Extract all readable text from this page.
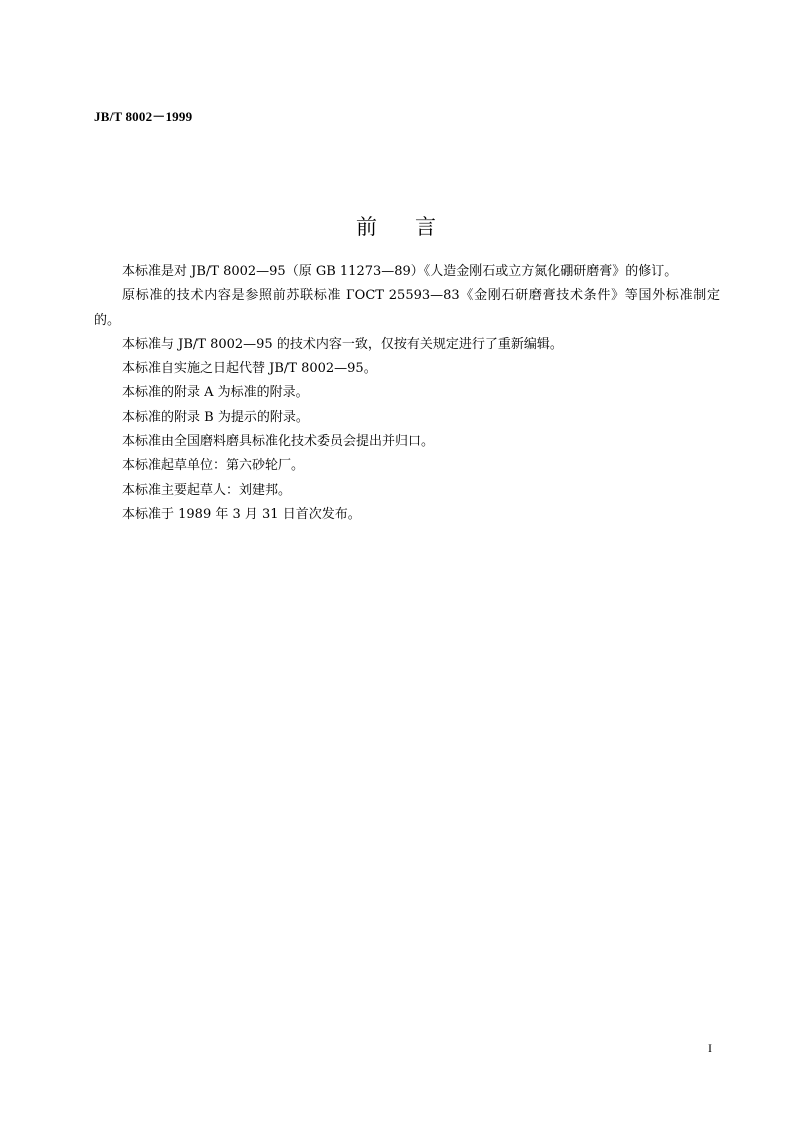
JB/T 8002－1999
前言

本标准是对 JB/T 8002—95（原 GB 11273—89）《人造金刚石或立方氮化硼研磨膏》的修订。

原标准的技术内容是参照前苏联标准 ГОСТ 25593—83《金刚石研磨膏技术条件》等国外标准制定的。

本标准与 JB/T 8002—95 的技术内容一致，仅按有关规定进行了重新编辑。

本标准自实施之日起代替 JB/T 8002—95。

本标准的附录 A 为标准的附录。

本标准的附录 B 为提示的附录。

本标准由全国磨料磨具标准化技术委员会提出并归口。

本标准起草单位：第六砂轮厂。

本标准主要起草人：刘建邦。

本标准于 1989 年 3 月 31 日首次发布。

I
